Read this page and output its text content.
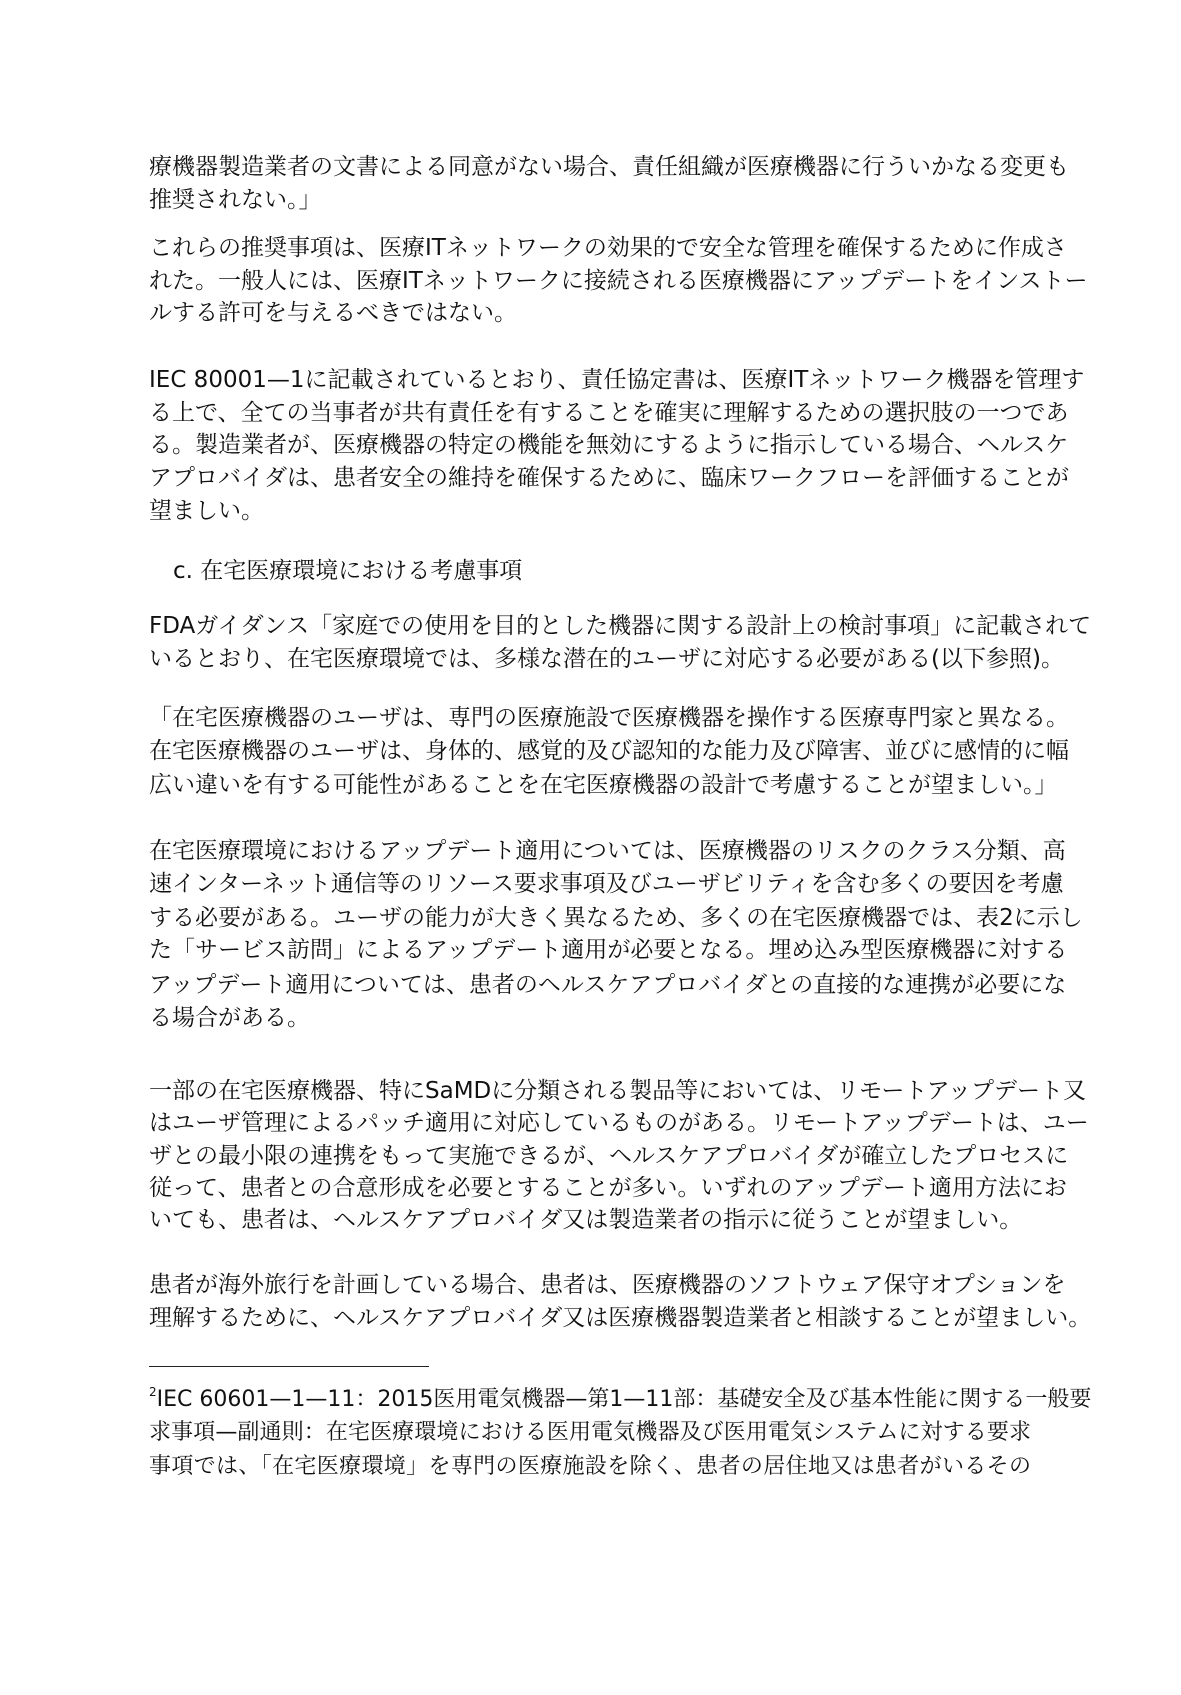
療機器製造業者の文書による同意がない場合、責任組織が医療機器に行ういかなる変更も
推奨されない。」
これらの推奨事項は、医療ITネットワークの効果的で安全な管理を確保するために作成さ
れた。一般人には、医療ITネットワークに接続される医療機器にアップデートをインストー
ルする許可を与えるべきではない。
IEC 80001—1に記載されているとおり、責任協定書は、医療ITネットワーク機器を管理す
る上で、全ての当事者が共有責任を有することを確実に理解するための選択肢の一つであ
る。製造業者が、医療機器の特定の機能を無効にするように指示している場合、ヘルスケ
アプロバイダは、患者安全の維持を確保するために、臨床ワークフローを評価することが
望ましい。
c. 在宅医療環境における考慮事項
FDAガイダンス「家庭での使用を目的とした機器に関する設計上の検討事項」に記載されて
いるとおり、在宅医療環境では、多様な潜在的ユーザに対応する必要がある(以下参照)。
「在宅医療機器のユーザは、専門の医療施設で医療機器を操作する医療専門家と異なる。
在宅医療機器のユーザは、身体的、感覚的及び認知的な能力及び障害、並びに感情的に幅
広い違いを有する可能性があることを在宅医療機器の設計で考慮することが望ましい。」
在宅医療環境におけるアップデート適用については、医療機器のリスクのクラス分類、高
速インターネット通信等のリソース要求事項及びユーザビリティを含む多くの要因を考慮
する必要がある。ユーザの能力が大きく異なるため、多くの在宅医療機器では、表2に示し
た「サービス訪問」によるアップデート適用が必要となる。埋め込み型医療機器に対する
アップデート適用については、患者のヘルスケアプロバイダとの直接的な連携が必要にな
る場合がある。
一部の在宅医療機器、特にSaMDに分類される製品等においては、リモートアップデート又
はユーザ管理によるパッチ適用に対応しているものがある。リモートアップデートは、ユー
ザとの最小限の連携をもって実施できるが、ヘルスケアプロバイダが確立したプロセスに
従って、患者との合意形成を必要とすることが多い。いずれのアップデート適用方法にお
いても、患者は、ヘルスケアプロバイダ又は製造業者の指示に従うことが望ましい。
患者が海外旅行を計画している場合、患者は、医療機器のソフトウェア保守オプションを
理解するために、ヘルスケアプロバイダ又は医療機器製造業者と相談することが望ましい。
$^2$IEC 60601—1—11：2015医用電気機器—第1—11部：基礎安全及び基本性能に関する一般要
求事項—副通則：在宅医療環境における医用電気機器及び医用電気システムに対する要求
事項では、「在宅医療環境」を専門の医療施設を除く、患者の居住地又は患者がいるその
